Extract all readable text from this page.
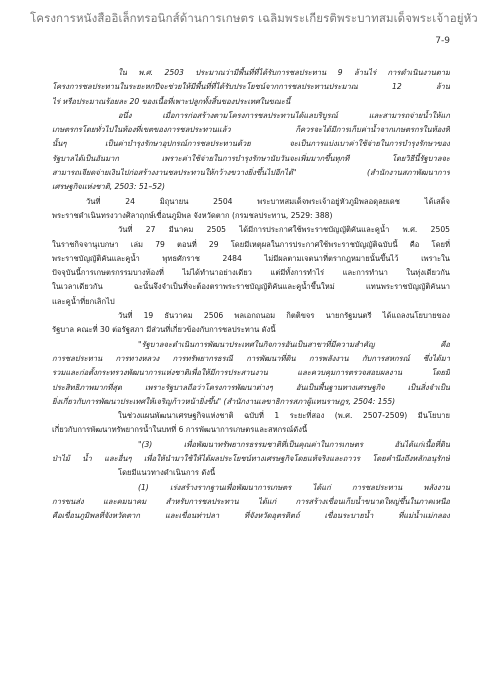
โครงการหนังสืออิเล็กทรอนิกส์ด้านการเกษตร เฉลิมพระเกียรติพระบาทสมเด็จพระเจ้าอยู่หัว
7-9
ใน พ.ศ. 2503 ประมาณว่ามีพื้นที่ที่ได้รับการชลประทาน 9 ล้านไร่ การดำเนินงานตาม
โครงการชลประทานในระยะหกปีจะช่วยให้มีพื้นที่ที่ได้รับประโยชน์จากการชลประทานประมาณ 12 ล้าน
ไร่ หรือประมาณร้อยละ 20 ของเนื้อที่เพาะปลูกทั้งสิ้นของประเทศในขณะนี้
อนึ่ง เมื่อการก่อสร้างตามโครงการชลประทานได้แลบริบูรณ์ และสามารถจ่ายน้ำให้แก่
เกษตรกรโดยทั่วไปในท้องที่เขตของการชลประทานแล้ว ก็ควรจะได้มีการเก็บค่าน้ำจากเกษตรกรในท้องที่
นั้นๆ เป็นค่าบำรุงรักษาอุปกรณ์การชลประทานด้วย จะเป็นการแบ่งเบาค่าใช้จ่ายในการบำรุงรักษาของ
รัฐบาลได้เป็นอันมาก เพราะค่าใช้จ่ายในการบำรุงรักษานับวันจะเพิ่มมากขึ้นทุกที โดยวิธีนี้รัฐบาลจะ
สามารถเจียดจ่ายเงินไปก่อสร้างงานชลประทานให้กว้างขวางยิ่งขึ้นไปอีกได้" (สำนักงานสภาพัฒนาการ
เศรษฐกิจแห่งชาติ, 2503: 51–52)
วันที่ 24 มิถุนายน 2504 พระบาทสมเด็จพระเจ้าอยู่หัวภูมิพลอดุลยเดช ได้เสด็จ
พระราชดำเนินทรงวางศิลาฤกษ์เขื่อนภูมิพล จังหวัดตาก (กรมชลประทาน, 2529: 388)
วันที่ 27 มีนาคม 2505 ได้มีการประกาศใช้พระราชบัญญัติคันและคูน้ำ พ.ศ. 2505
ในราชกิจจานุเบกษา เล่ม 79 ตอนที่ 29 โดยมีเหตุผลในการประกาศใช้พระราชบัญญัติฉบับนี้ คือ โดยที่
พระราชบัญญัติคันและคูน้ำ พุทธศักราช 2484 ไม่มีผลตามเจตนาที่ตรากฎหมายนั้นขึ้นไว้ เพราะใน
ปัจจุบันนี้การเกษตรกรรมบางท้องที่ ไม่ได้ทำนาอย่างเดียว แต่มีทั้งการทำไร่ และการทำนา ในทุ่งเดียวกัน
ในเวลาเดียวกัน ฉะนั้นจึงจำเป็นที่จะต้องตราพระราชบัญญัติคันและคูน้ำขึ้นใหม่ แทนพระราชบัญญัติคันนา
และคูน้ำที่ยกเลิกไป
วันที่ 19 ธันวาคม 2506 พลเอกถนอม กิตติขจร นายกรัฐมนตรี ได้แถลงนโยบายของ
รัฐบาล คณะที่ 30 ต่อรัฐสภา มีส่วนที่เกี่ยวข้องกับการชลประทาน ดังนี้
"รัฐบาลจะดำเนินการพัฒนาประเทศในกิจการอันเป็นสาขาที่มีความสำคัญ คือ
การชลประทาน การทางหลวง การทรัพยากรธรณี การพัฒนาที่ดิน การพลังงาน กับการสหกรณ์ ซึ่งได้มา
รวมและก่อตั้งกระทรวงพัฒนาการแห่งชาติเพื่อให้มีการประสานงาน และควบคุมการตรวจสอบผลงาน โดยมี
ประสิทธิภาพมากที่สุด เพราะรัฐบาลถือว่าโครงการพัฒนาต่างๆ อันเป็นพื้นฐานทางเศรษฐกิจ เป็นสิ่งจำเป็น
ยิ่งเกี่ยวกับการพัฒนาประเทศให้เจริญก้าวหน้ายิ่งขึ้น" (สำนักงานเลขาธิการสภาผู้แทนราษฎร, 2504: 155)
ในช่วงแผนพัฒนาเศรษฐกิจแห่งชาติ ฉบับที่ 1 ระยะที่สอง (พ.ศ. 2507-2509) มีนโยบาย
เกี่ยวกับการพัฒนาทรัพยากรน้ำในบทที่ 6 การพัฒนาการเกษตรและสหกรณ์ดังนี้
"(3) เพื่อพัฒนาทรัพยากรธรรมชาติที่เป็นคุณค่าในการเกษตร อันได้แก่เนื้อที่ดิน
ป่าไม้ น้ำ และอื่นๆ เพื่อให้นำมาใช้ให้ได้ผลประโยชน์ทางเศรษฐกิจโดยแท้จริงและถาวร โดยคำนึงถึงหลักอนุรักษ์
โดยมีแนวทางดำเนินการ ดังนี้
(1) เร่งสร้างรากฐานเพื่อพัฒนาการเกษตร ได้แก่ การชลประทาน พลังงาน
การขนส่ง และคมนาคม สำหรับการชลประทาน ได้แก่ การสร้างเขื่อนเก็บน้ำขนาดใหญ่ขึ้นในภาคเหนือ
คือเขื่อนภูมิพลที่จังหวัดตาก และเขื่อนท่าปลา ที่จังหวัดอุตรดิตถ์ เขื่อนระบายน้ำ ที่แม่น้ำแม่กลอง
